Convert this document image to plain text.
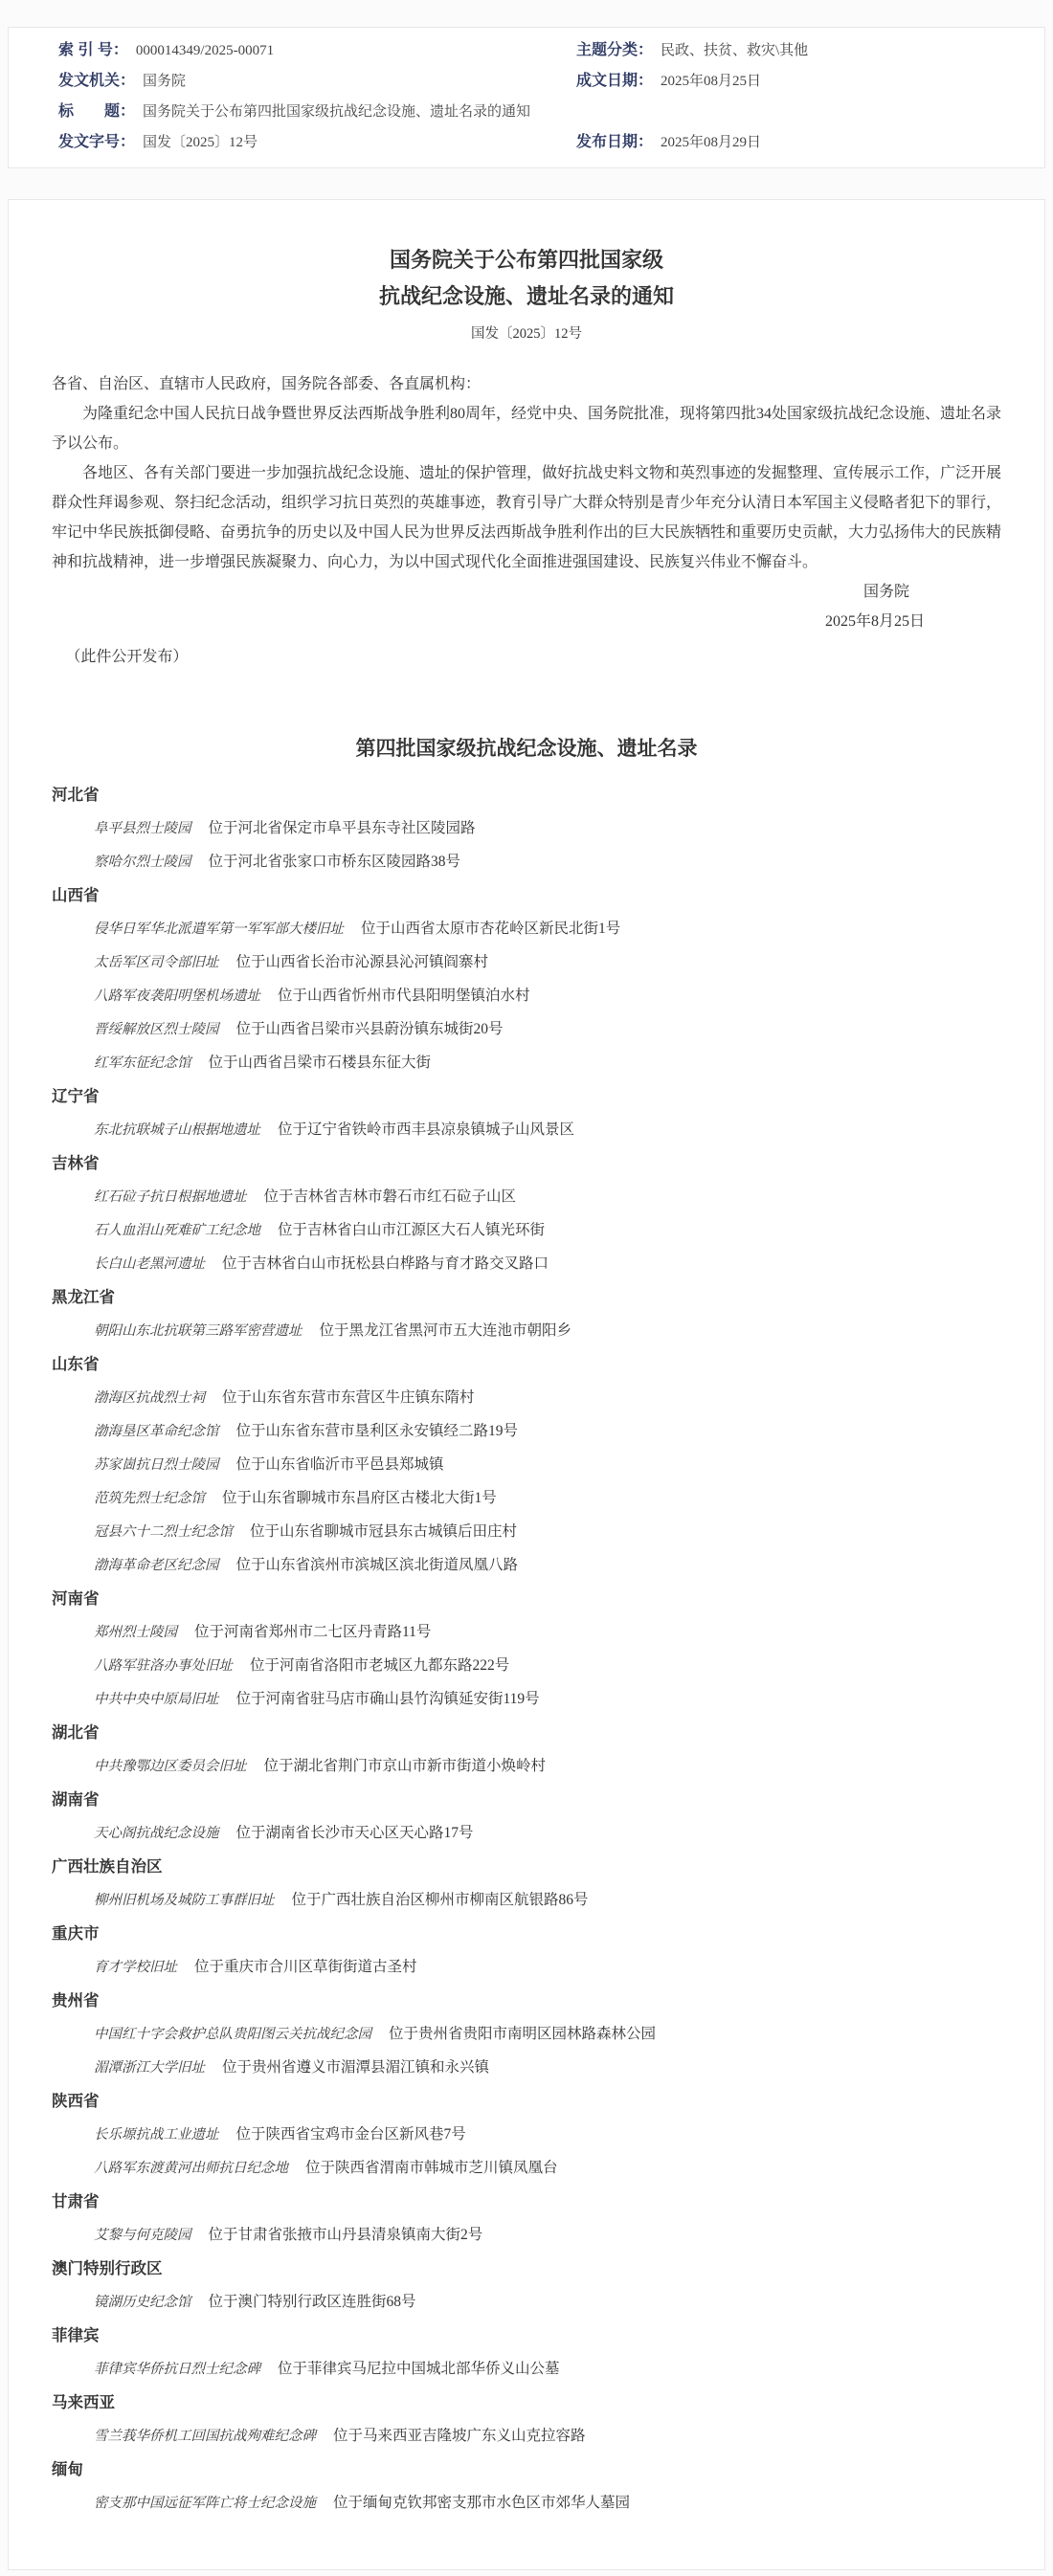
索 引 号： 000014349/2025-00071	主题分类： 民政、扶贫、救灾\其他
发文机关： 国务院	成文日期： 2025年08月25日
标　　题： 国务院关于公布第四批国家级抗战纪念设施、遗址名录的通知
发文字号： 国发〔2025〕12号	发布日期： 2025年08月29日
国务院关于公布第四批国家级
抗战纪念设施、遗址名录的通知

国发〔2025〕12号

各省、自治区、直辖市人民政府，国务院各部委、各直属机构：

为隆重纪念中国人民抗日战争暨世界反法西斯战争胜利80周年，经党中央、国务院批准，现将第四批34处国家级抗战纪念设施、遗址名录予以公布。

各地区、各有关部门要进一步加强抗战纪念设施、遗址的保护管理，做好抗战史料文物和英烈事迹的发掘整理、宣传展示工作，广泛开展群众性拜谒参观、祭扫纪念活动，组织学习抗日英烈的英雄事迹，教育引导广大群众特别是青少年充分认清日本军国主义侵略者犯下的罪行，牢记中华民族抵御侵略、奋勇抗争的历史以及中国人民为世界反法西斯战争胜利作出的巨大民族牺牲和重要历史贡献，大力弘扬伟大的民族精神和抗战精神，进一步增强民族凝聚力、向心力，为以中国式现代化全面推进强国建设、民族复兴伟业不懈奋斗。

国务院

2025年8月25日

（此件公开发布）

第四批国家级抗战纪念设施、遗址名录
河北省
阜平县烈士陵园 位于河北省保定市阜平县东寺社区陵园路
察哈尔烈士陵园 位于河北省张家口市桥东区陵园路38号
山西省
侵华日军华北派遣军第一军军部大楼旧址 位于山西省太原市杏花岭区新民北街1号
太岳军区司令部旧址 位于山西省长治市沁源县沁河镇阎寨村
八路军夜袭阳明堡机场遗址 位于山西省忻州市代县阳明堡镇泊水村
晋绥解放区烈士陵园 位于山西省吕梁市兴县蔚汾镇东城街20号
红军东征纪念馆 位于山西省吕梁市石楼县东征大街
辽宁省
东北抗联城子山根据地遗址 位于辽宁省铁岭市西丰县凉泉镇城子山风景区
吉林省
红石砬子抗日根据地遗址 位于吉林省吉林市磐石市红石砬子山区
石人血泪山死难矿工纪念地 位于吉林省白山市江源区大石人镇光环街
长白山老黑河遗址 位于吉林省白山市抚松县白桦路与育才路交叉路口
黑龙江省
朝阳山东北抗联第三路军密营遗址 位于黑龙江省黑河市五大连池市朝阳乡
山东省
渤海区抗战烈士祠 位于山东省东营市东营区牛庄镇东隋村
渤海垦区革命纪念馆 位于山东省东营市垦利区永安镇经二路19号
苏家崮抗日烈士陵园 位于山东省临沂市平邑县郑城镇
范筑先烈士纪念馆 位于山东省聊城市东昌府区古楼北大街1号
冠县六十二烈士纪念馆 位于山东省聊城市冠县东古城镇后田庄村
渤海革命老区纪念园 位于山东省滨州市滨城区滨北街道凤凰八路
河南省
郑州烈士陵园 位于河南省郑州市二七区丹青路11号
八路军驻洛办事处旧址 位于河南省洛阳市老城区九都东路222号
中共中央中原局旧址 位于河南省驻马店市确山县竹沟镇延安街119号
湖北省
中共豫鄂边区委员会旧址 位于湖北省荆门市京山市新市街道小焕岭村
湖南省
天心阁抗战纪念设施 位于湖南省长沙市天心区天心路17号
广西壮族自治区
柳州旧机场及城防工事群旧址 位于广西壮族自治区柳州市柳南区航银路86号
重庆市
育才学校旧址 位于重庆市合川区草街街道古圣村
贵州省
中国红十字会救护总队贵阳图云关抗战纪念园 位于贵州省贵阳市南明区园林路森林公园
湄潭浙江大学旧址 位于贵州省遵义市湄潭县湄江镇和永兴镇
陕西省
长乐塬抗战工业遗址 位于陕西省宝鸡市金台区新风巷7号
八路军东渡黄河出师抗日纪念地 位于陕西省渭南市韩城市芝川镇凤凰台
甘肃省
艾黎与何克陵园 位于甘肃省张掖市山丹县清泉镇南大街2号
澳门特别行政区
镜湖历史纪念馆 位于澳门特别行政区连胜街68号
菲律宾
菲律宾华侨抗日烈士纪念碑 位于菲律宾马尼拉中国城北部华侨义山公墓
马来西亚
雪兰莪华侨机工回国抗战殉难纪念碑 位于马来西亚吉隆坡广东义山克拉容路
缅甸
密支那中国远征军阵亡将士纪念设施 位于缅甸克钦邦密支那市水色区市郊华人墓园
